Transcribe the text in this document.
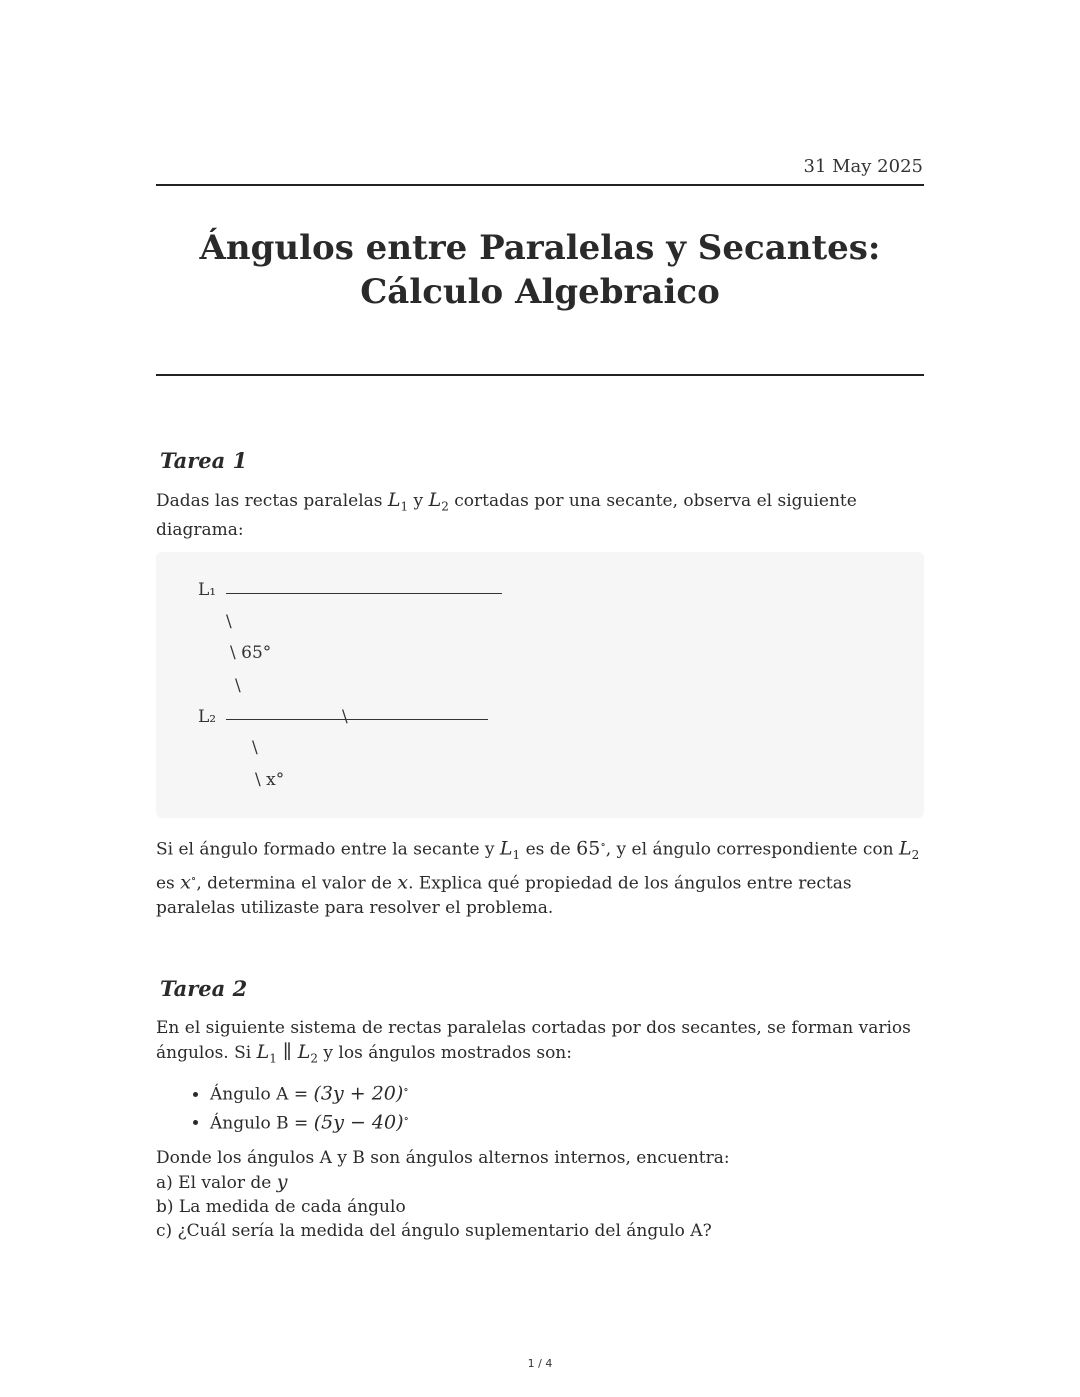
31 May 2025
Ángulos entre Paralelas y Secantes: Cálculo Algebraico
Tarea 1
Dadas las rectas paralelas $L_1$ y $L_2$ cortadas por una secante, observa el siguiente diagrama:
L₁
\
\ 65°
\
L₂	\
\
\ x°
Si el ángulo formado entre la secante y $L_1$ es de 65∘, y el ángulo correspondiente con $L_2$ es x∘, determina el valor de x. Explica qué propiedad de los ángulos entre rectas paralelas utilizaste para resolver el problema.
Tarea 2
En el siguiente sistema de rectas paralelas cortadas por dos secantes, se forman varios ángulos. Si $L_1$ ∥ $L_2$ y los ángulos mostrados son:
• Ángulo A = (3y + 20)∘
• Ángulo B = (5y − 40)∘
Donde los ángulos A y B son ángulos alternos internos, encuentra:
a) El valor de y
b) La medida de cada ángulo
c) ¿Cuál sería la medida del ángulo suplementario del ángulo A?
1 / 4
